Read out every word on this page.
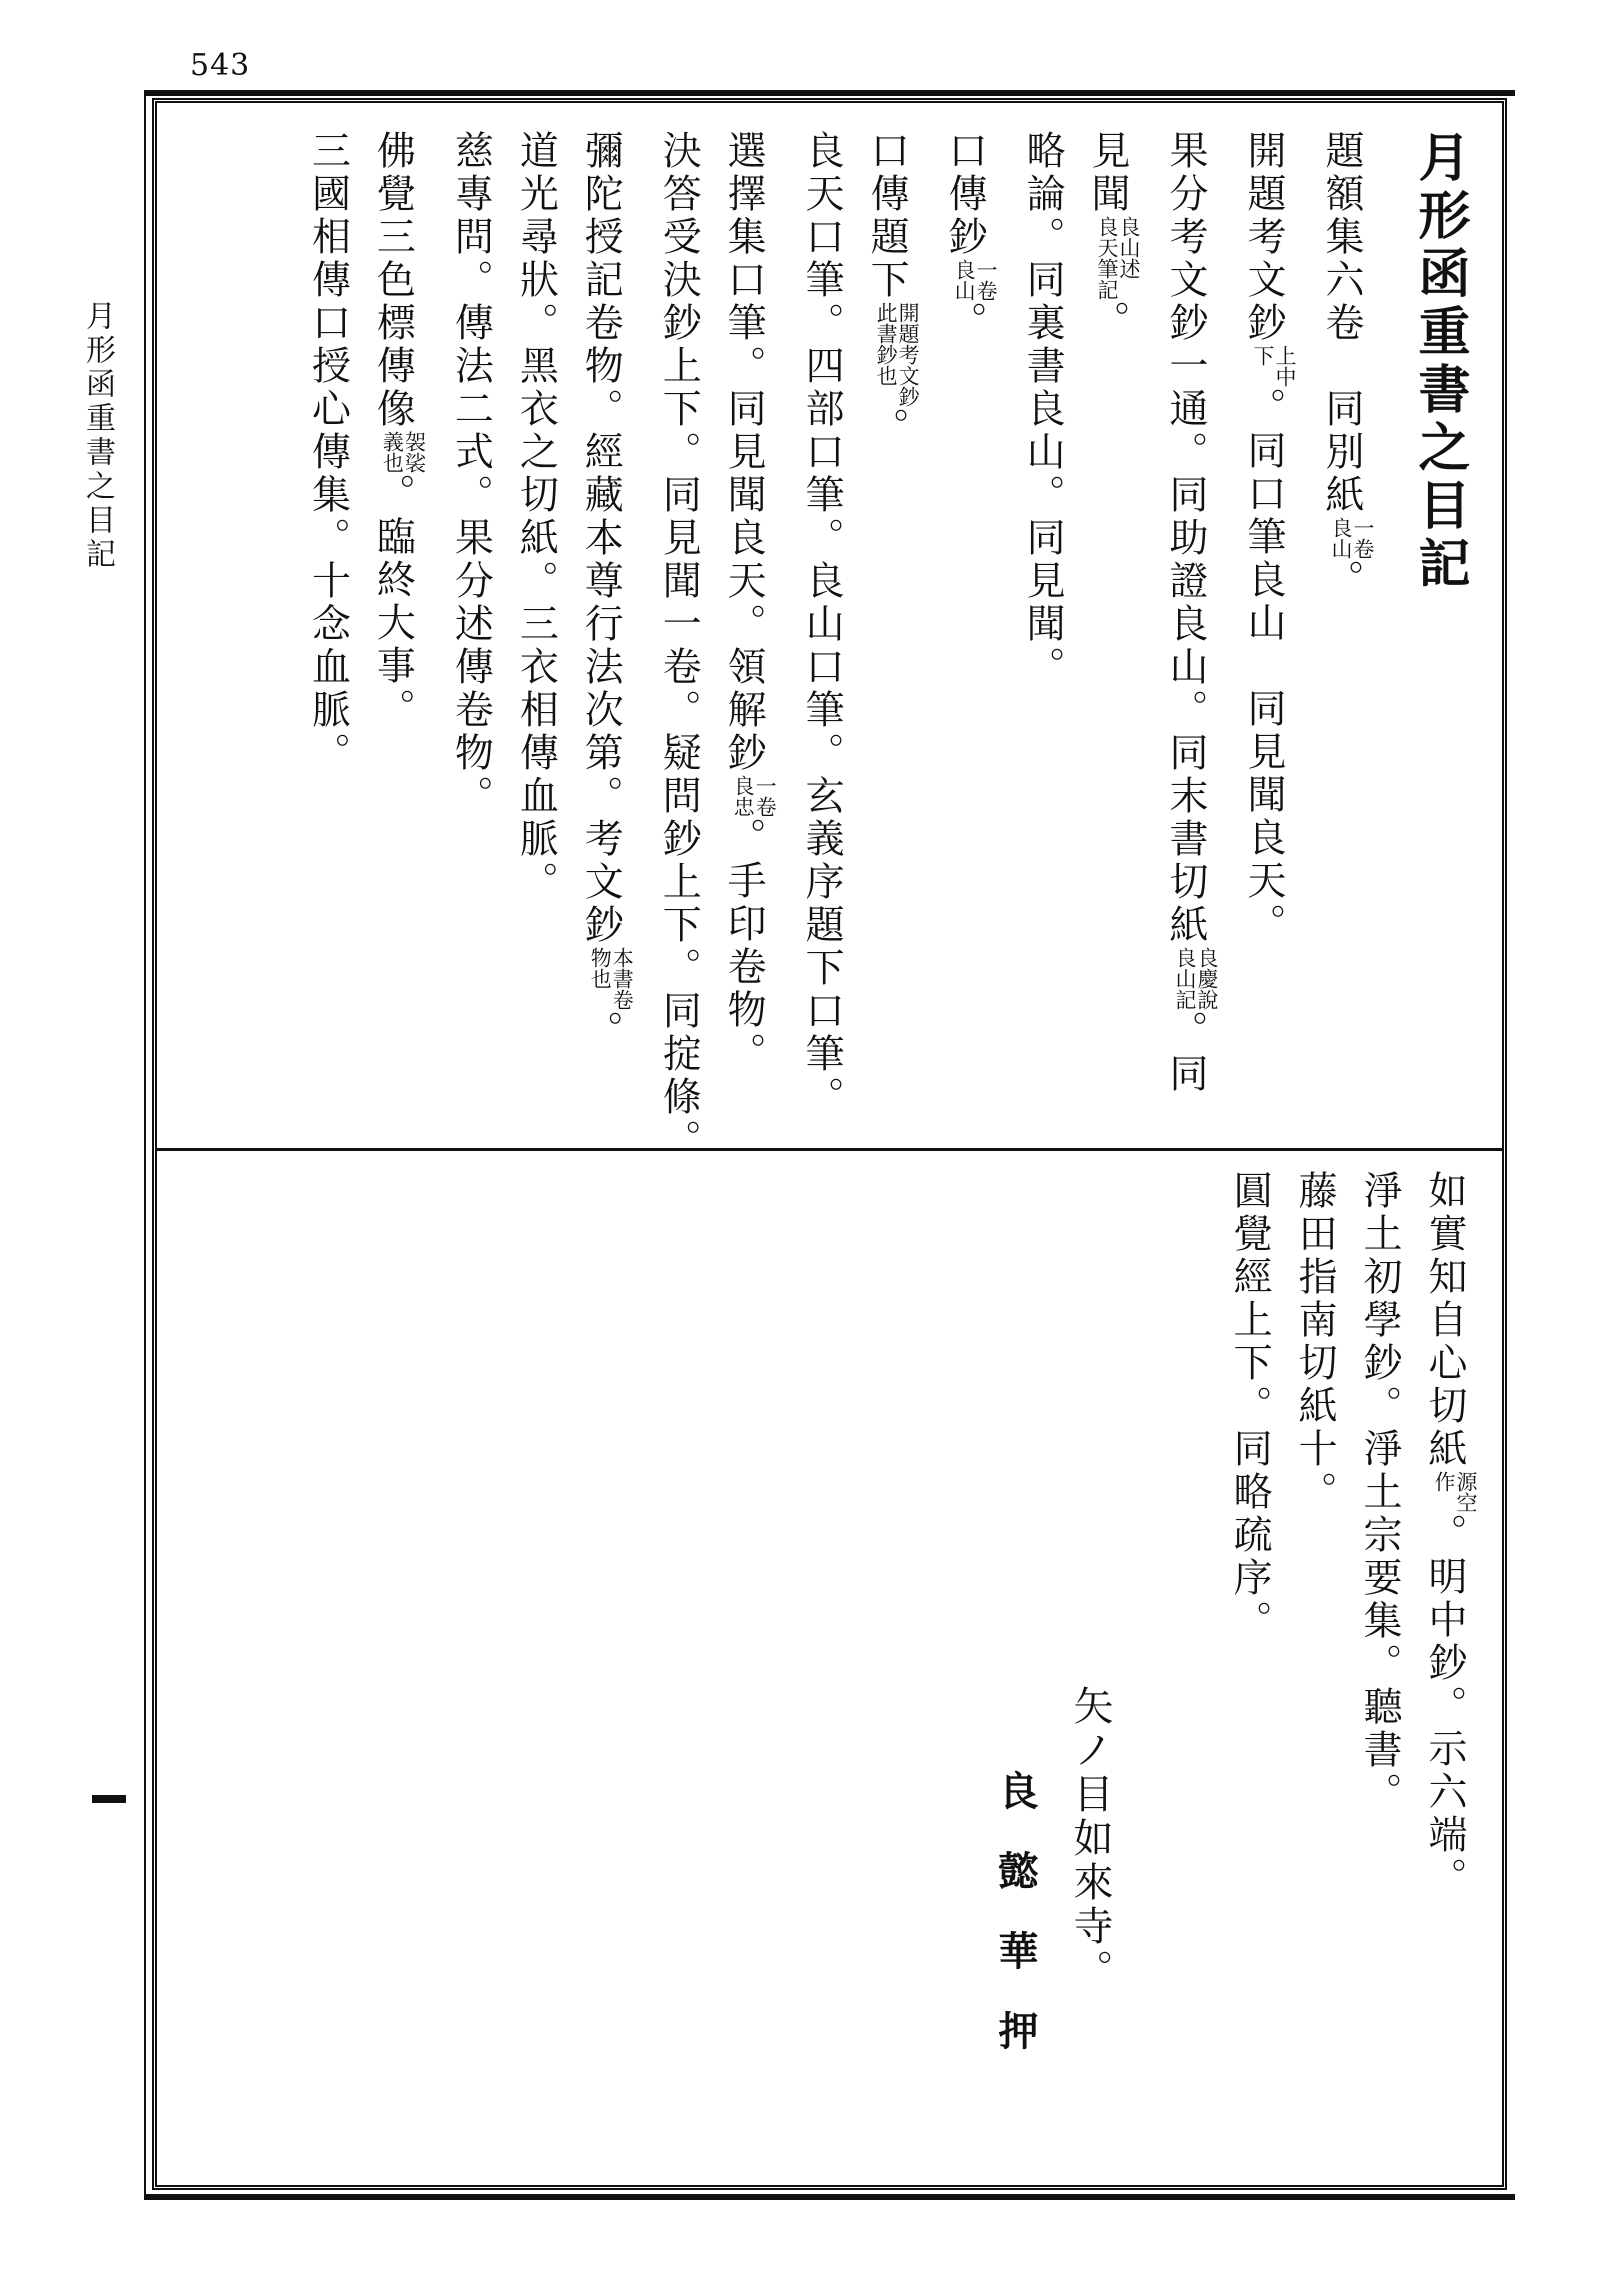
543
月形函重書之目記	月形函重書之目記
題額集六卷　同別紙一卷
良山。
開題考文鈔上中
下。同口筆良山　同見聞良天。
果分考文鈔一通。同助證良山。同末書切紙良慶說
良山記。同
見聞良山述
良天筆記。
略論。同裏書良山。同見聞。
口傳鈔一卷
良山。
口傳題下開題考文鈔
此書鈔也。
良天口筆。四部口筆。良山口筆。玄義序題下口筆。
選擇集口筆。同見聞良天。領解鈔一卷
良忠。手印卷物。
決答受決鈔上下。同見聞一卷。疑問鈔上下。同掟條。
彌陀授記卷物。經藏本尊行法次第。考文鈔本書卷
物也。
道光尋狀。黑衣之切紙。三衣相傳血脈。
慈專問。傳法二式。果分述傳卷物。
佛覺三色標傳像袈裟
義也。臨終大事。
三國相傳口授心傳集。十念血脈。
如實知自心切紙源空
作。明中鈔。示六端。
淨土初學鈔。淨土宗要集。聽書。
藤田指南切紙十。
圓覺經上下。同略疏序。
矢ノ目如來寺。
良懿華押
